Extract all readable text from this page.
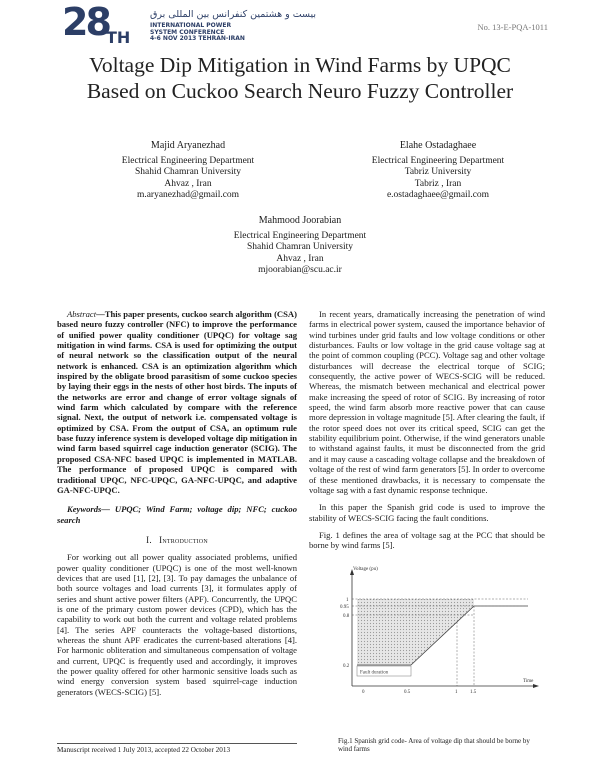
28
TH
بیست و هشتمین کنفرانس بین المللی برق
INTERNATIONAL POWER
SYSTEM CONFERENCE
4-6 NOV 2013 TEHRAN-IRAN
No. 13-E-PQA-1011
Voltage Dip Mitigation in Wind Farms by UPQC
Based on Cuckoo Search Neuro Fuzzy Controller
Majid Aryanezhad
Electrical Engineering Department
Shahid Chamran University
Ahvaz , Iran
m.aryanezhad@gmail.com
Elahe Ostadaghaee
Electrical Engineering Department
Tabriz University
Tabriz , Iran
e.ostadaghaee@gmail.com
Mahmood Joorabian
Electrical Engineering Department
Shahid Chamran University
Ahvaz , Iran
mjoorabian@scu.ac.ir

Abstract—This paper presents, cuckoo search algorithm (CSA) based neuro fuzzy controller (NFC) to improve the performance of unified power quality conditioner (UPQC) for voltage sag mitigation in wind farms. CSA is used for optimizing the output of neural network so the classification output of the neural network is enhanced. CSA is an optimization algorithm which inspired by the obligate brood parasitism of some cuckoo species by laying their eggs in the nests of other host birds. The inputs of the networks are error and change of error voltage signals of wind farm which calculated by compare with the reference signal. Next, the output of network i.e. compensated voltage is optimized by CSA. From the output of CSA, an optimum rule base fuzzy inference system is developed voltage dip mitigation in wind farm based squirrel cage induction generator (SCIG). The proposed CSA-NFC based UPQC is implemented in MATLAB. The performance of proposed UPQC is compared with traditional UPQC, NFC-UPQC, GA-NFC-UPQC, and adaptive GA-NFC-UPQC.

Keywords— UPQC; Wind Farm; voltage dip; NFC; cuckoo search

I. Introduction

For working out all power quality associated problems, unified power quality conditioner (UPQC) is one of the most well-known devices that are used [1], [2], [3]. To pay damages the unbalance of both source voltages and load currents [3], it formulates apply of series and shunt active power filters (APF). Concurrently, the UPQC is one of the primary custom power devices (CPD), which has the capability to work out both the current and voltage related problems [4]. The series APF counteracts the voltage-based distortions, whereas the shunt APF eradicates the current-based alterations [4]. For harmonic obliteration and simultaneous compensation of voltage and current, UPQC is frequently used and accordingly, it improves the power quality offered for other harmonic sensitive loads such as wind energy conversion system based squirrel-cage induction generators (WECS-SCIG) [5].

In recent years, dramatically increasing the penetration of wind farms in electrical power system, caused the importance behavior of wind turbines under grid faults and low voltage conditions or other disturbances. Faults or low voltage in the grid cause voltage sag at the point of common coupling (PCC). Voltage sag and other voltage disturbances will decrease the electrical torque of SCIG; consequently, the active power of WECS-SCIG will be reduced. Whereas, the mismatch between mechanical and electrical power make increasing the speed of rotor of SCIG. By increasing of rotor speed, the wind farm absorb more reactive power that can cause more depression in voltage magnitude [5]. After clearing the fault, if the rotor speed does not over its critical speed, SCIG can get the stability equilibrium point. Otherwise, if the wind generators unable to withstand against faults, it must be disconnected from the grid and it may cause a cascading voltage collapse and the breakdown of voltage of the rest of wind farm generators [5]. In order to overcome of these mentioned drawbacks, it is necessary to compensate the voltage sag with a fast dynamic response technique.

In this paper the Spanish grid code is used to improve the stability of WECS-SCIG facing the fault conditions.

Fig. 1 defines the area of voltage sag at the PCC that should be borne by wind farms [5].

Fault duration
Voltage (pu)
Time
1
0.95
0.8
0.2
0	0.5	1	1.5
Fig.1 Spanish grid code- Area of voltage dip that should be borne by wind farms
Manuscript received 1 July 2013, accepted 22 October 2013
